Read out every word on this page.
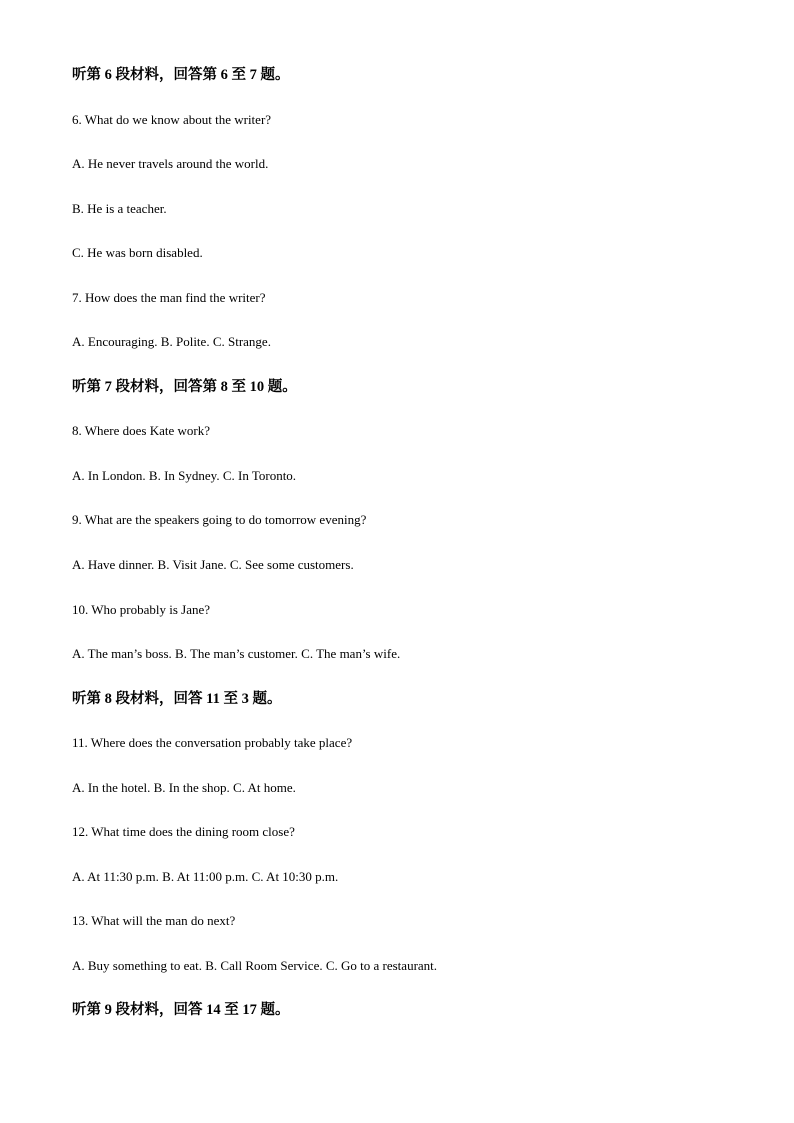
听第 6 段材料，回答第 6 至 7 题。
6. What do we know about the writer?
A. He never travels around the world.
B. He is a teacher.
C. He was born disabled.
7. How does the man find the writer?
A. Encouraging. B. Polite. C. Strange.
听第 7 段材料，回答第 8 至 10 题。
8. Where does Kate work?
A. In London. B. In Sydney. C. In Toronto.
9. What are the speakers going to do tomorrow evening?
A. Have dinner. B. Visit Jane. C. See some customers.
10. Who probably is Jane?
A. The man’s boss. B. The man’s customer. C. The man’s wife.
听第 8 段材料，回答 11 至 3 题。
11. Where does the conversation probably take place?
A. In the hotel. B. In the shop. C. At home.
12. What time does the dining room close?
A. At 11:30 p.m. B. At 11:00 p.m. C. At 10:30 p.m.
13. What will the man do next?
A. Buy something to eat. B. Call Room Service. C. Go to a restaurant.
听第 9 段材料，回答 14 至 17 题。
